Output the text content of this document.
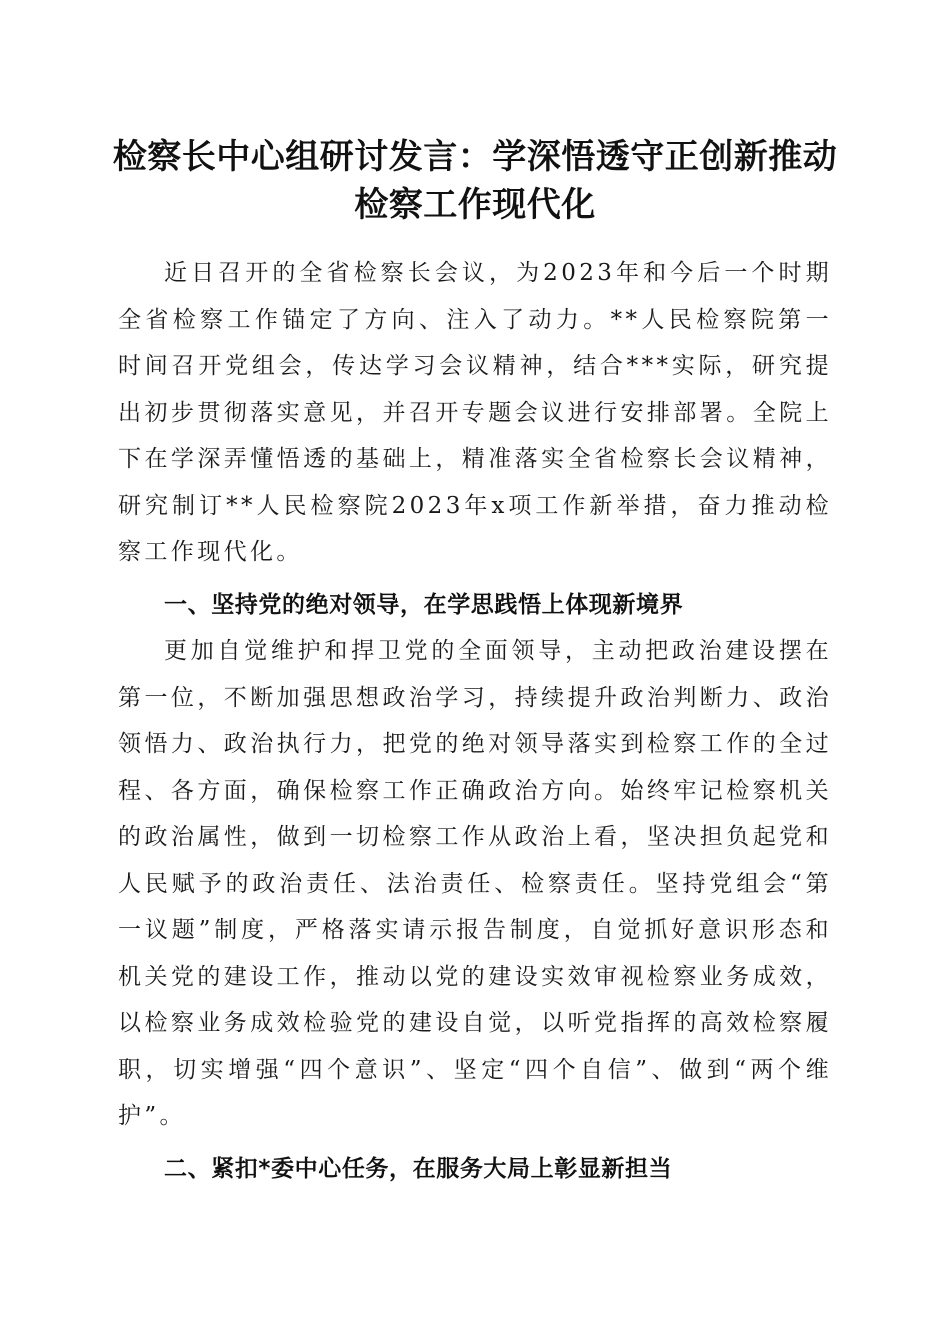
检察长中心组研讨发言：学深悟透守正创新推动检察工作现代化

近日召开的全省检察长会议，为2023年和今后一个时期全省检察工作锚定了方向、注入了动力。**人民检察院第一时间召开党组会，传达学习会议精神，结合***实际，研究提出初步贯彻落实意见，并召开专题会议进行安排部署。全院上下在学深弄懂悟透的基础上，精准落实全省检察长会议精神，研究制订**人民检察院2023年x项工作新举措，奋力推动检察工作现代化。

一、坚持党的绝对领导，在学思践悟上体现新境界

更加自觉维护和捍卫党的全面领导，主动把政治建设摆在第一位，不断加强思想政治学习，持续提升政治判断力、政治领悟力、政治执行力，把党的绝对领导落实到检察工作的全过程、各方面，确保检察工作正确政治方向。始终牢记检察机关的政治属性，做到一切检察工作从政治上看，坚决担负起党和人民赋予的政治责任、法治责任、检察责任。坚持党组会“第一议题”制度，严格落实请示报告制度，自觉抓好意识形态和机关党的建设工作，推动以党的建设实效审视检察业务成效，以检察业务成效检验党的建设自觉，以听党指挥的高效检察履职，切实增强“四个意识”、坚定“四个自信”、做到“两个维护”。

二、紧扣*委中心任务，在服务大局上彰显新担当
